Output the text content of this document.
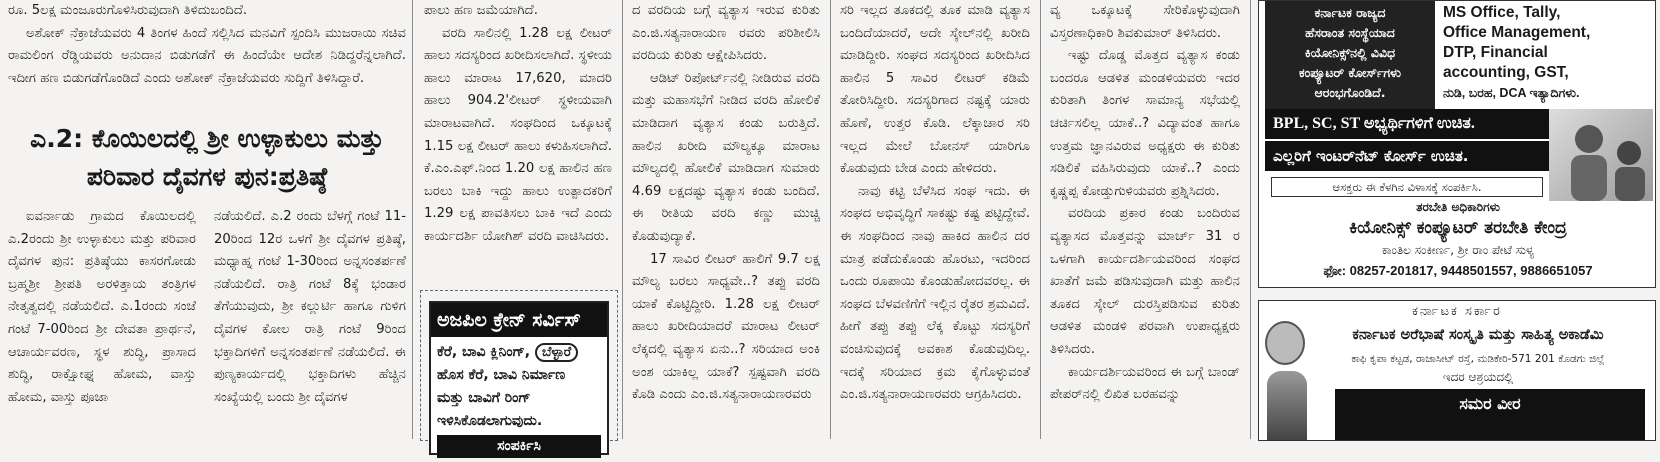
ರೂ. 5ಲಕ್ಷ ಮಂಜೂರುಗೊಳಿಸಿರುವುದಾಗಿ ತಿಳಿದುಬಂದಿದೆ.

ಅಶೋಕ್ ನೆಕ್ರಾಜೆಯವರು 4 ತಿಂಗಳ ಹಿಂದೆ ಸಲ್ಲಿಸಿದ ಮನವಿಗೆ ಸ್ಪಂದಿಸಿ ಮುಜರಾಯಿ ಸಚಿವ ರಾಮಲಿಂಗ ರೆಡ್ಡಿಯವರು ಅನುದಾನ ಬಿಡುಗಡೆಗೆ ಈ ಹಿಂದೆಯೇ ಆದೇಶ ನಿಡಿದ್ದರೆನ್ನಲಾಗಿದೆ. ಇದೀಗ ಹಣ ಬಿಡುಗಡೆಗೊಂಡಿದೆ ಎಂದು ಅಶೋಕ್ ನೆಕ್ರಾಜೆಯವರು ಸುದ್ದಿಗೆ ತಿಳಿಸಿದ್ದಾರೆ.

ಎ.2: ಕೊಯಿಲದಲ್ಲಿ ಶ್ರೀ ಉಳ್ಳಾಕುಲು ಮತ್ತು ಪರಿವಾರ ದೈವಗಳ ಪುನ:ಪ್ರತಿಷ್ಠೆ

ಐವರ್ನಾಡು ಗ್ರಾಮದ ಕೊಯಿಲದಲ್ಲಿ ಎ.2ರಂದು ಶ್ರೀ ಉಳ್ಳಾಕುಲು ಮತ್ತು ಪರಿವಾರ ದೈವಗಳ ಪುನ: ಪ್ರತಿಷ್ಠೆಯು ಕಾಸರಗೋಡು ಬ್ರಹ್ಮಶ್ರೀ ಶ್ರೀಪತಿ ಅರಳಿತ್ತಾಯ ತಂತ್ರಿಗಳ ನೇತೃತ್ವದಲ್ಲಿ ನಡೆಯಲಿದೆ. ಎ.1ರಂದು ಸಂಜೆ ಗಂಟೆ 7-00ರಿಂದ ಶ್ರೀ ದೇವತಾ ಪ್ರಾರ್ಥನೆ, ಆಚಾರ್ಯವರಣ, ಸ್ಥಳ ಶುದ್ಧಿ, ಪ್ರಾಸಾದ ಶುದ್ಧಿ, ರಾಕ್ಷೋಘ್ನ ಹೋಮ, ವಾಸ್ತು ಹೋಮ, ವಾಸ್ತು ಪೂಜಾ

ನಡೆಯಲಿದೆ. ಎ.2 ರಂದು ಬೆಳಗ್ಗೆ ಗಂಟೆ 11-20ರಿಂದ 12ರ ಒಳಗೆ ಶ್ರೀ ದೈವಗಳ ಪ್ರತಿಷ್ಠೆ, ಮಧ್ಯಾಹ್ನ ಗಂಟೆ 1-30ರಿಂದ ಅನ್ನಸಂತರ್ಪಣೆ ನಡೆಯಲಿದೆ. ರಾತ್ರಿ ಗಂಟೆ 8ಕ್ಕೆ ಭಂಡಾರ ತೆಗೆಯುವುದು, ಶ್ರೀ ಕಲ್ಲುರ್ಟಿ ಹಾಗೂ ಗುಳಿಗ ದೈವಗಳ ಕೋಲ ರಾತ್ರಿ ಗಂಟೆ 9ರಿಂದ ಭಕ್ತಾದಿಗಳಿಗೆ ಅನ್ನಸಂತರ್ಪಣೆ ನಡೆಯಲಿದೆ. ಈ ಪುಣ್ಯಕಾರ್ಯದಲ್ಲಿ ಭಕ್ತಾದಿಗಳು ಹೆಚ್ಚಿನ ಸಂಖ್ಯೆಯಲ್ಲಿ ಬಂದು ಶ್ರೀ ದೈವಗಳ

ಪಾಲು ಹಣ ಜಮೆಯಾಗಿದೆ.

ವರದಿ ಸಾಲಿನಲ್ಲಿ 1.28 ಲಕ್ಷ ಲೀಟರ್ ಹಾಲು ಸದಸ್ಯರಿಂದ ಖರೀದಿಸಲಾಗಿದೆ. ಸ್ಥಳೀಯ ಹಾಲು ಮಾರಾಟ 17,620, ಮಾದರಿ ಹಾಲು 904.2'ಲೀಟರ್ ಸ್ಥಳೀಯವಾಗಿ ಮಾರಾಟವಾಗಿದೆ. ಸಂಘದಿಂದ ಒಕ್ಕೂಟಕ್ಕೆ 1.15 ಲಕ್ಷ ಲೀಟರ್ ಹಾಲು ಕಳುಹಿಸಲಾಗಿದೆ. ಕೆ.ಎಂ.ಎಫ್.ನಿಂದ 1.20 ಲಕ್ಷ ಹಾಲಿನ ಹಣ ಬರಲು ಬಾಕಿ ಇದ್ದು ಹಾಲು ಉತ್ಪಾದಕರಿಗೆ 1.29 ಲಕ್ಷ ಪಾವತಿಸಲು ಬಾಕಿ ಇದೆ ಎಂದು ಕಾರ್ಯದರ್ಶಿ ಯೋಗಿಶ್ ವರದಿ ವಾಚಿಸಿದರು.

ಅಜಪಿಲ ಕ್ರೇನ್ ಸರ್ವಿಸ್
ಕೆರೆ, ಬಾವಿ ಕ್ಲಿನಿಂಗ್, ಬೆಳ್ಳಾರೆ
ಹೊಸ ಕೆರೆ, ಬಾವಿ ನಿರ್ಮಾಣ
ಮತ್ತು ಬಾವಿಗೆ ರಿಂಗ್
ಇಳಿಸಿಕೊಡಲಾಗುವುದು.
ಸಂಪರ್ಕಿಸಿ

ದ ವರದಿಯ ಬಗ್ಗೆ ವ್ಯತ್ಯಾಸ ಇರುವ ಕುರಿತು ಎಂ.ಜಿ.ಸತ್ಯನಾರಾಯಣ ರವರು ಪರಿಶೀಲಿಸಿ ವರದಿಯ ಕುರಿತು ಆಕ್ಷೇಪಿಸಿದರು.

ಆಡಿಟ್ ರಿಪೋರ್ಟ್‌ನಲ್ಲಿ ನೀಡಿರುವ ವರದಿ ಮತ್ತು ಮಹಾಸಭೆಗೆ ನೀಡಿದ ವರದಿ ಹೋಲಿಕೆ ಮಾಡಿದಾಗ ವ್ಯತ್ಯಾಸ ಕಂಡು ಬರುತ್ತಿದೆ. ಹಾಲಿನ ಖರೀದಿ ಮೌಲ್ಯಕ್ಕೂ ಮಾರಾಟ ಮೌಲ್ಯದಲ್ಲಿ ಹೋಲಿಕೆ ಮಾಡಿದಾಗ ಸುಮಾರು 4.69 ಲಕ್ಷದಷ್ಟು ವ್ಯತ್ಯಾಸ ಕಂಡು ಬಂದಿದೆ. ಈ ರೀತಿಯ ವರದಿ ಕಣ್ಣು ಮುಚ್ಚಿ ಕೊಡುವುದ್ಯಾಕೆ.

17 ಸಾವಿರ ಲೀಟರ್ ಹಾಲಿಗೆ 9.7 ಲಕ್ಷ ಮೌಲ್ಯ ಬರಲು ಸಾಧ್ಯವೇ..? ತಪ್ಪು ವರದಿ ಯಾಕೆ ಕೊಟ್ಟಿದ್ದೀರಿ. 1.28 ಲಕ್ಷ ಲೀಟರ್ ಹಾಲು ಖರೀದಿಯಾದರೆ ಮಾರಾಟ ಲೀಟರ್ ಲೆಕ್ಕದಲ್ಲಿ ವ್ಯತ್ಯಾಸ ಏನು..? ಸರಿಯಾದ ಅಂಕಿ ಅಂಶ ಯಾಕಿಲ್ಲ ಯಾಕೆ? ಸ್ಪಷ್ಟವಾಗಿ ವರದಿ ಕೊಡಿ ಎಂದು ಎಂ.ಜಿ.ಸತ್ಯನಾರಾಯಣರವರು

ಸರಿ ಇಲ್ಲದ ತೂಕದಲ್ಲಿ ತೂಕ ಮಾಡಿ ವ್ಯತ್ಯಾಸ ಬಂದಿದೆಯಾದರೆ, ಅದೇ ಸ್ಕೇಲ್‌ನಲ್ಲಿ ಖರೀದಿ ಮಾಡಿದ್ದೀರಿ. ಸಂಘದ ಸದಸ್ಯರಿಂದ ಖರೀದಿಸಿದ ಹಾಲಿನ 5 ಸಾವಿರ ಲೀಟರ್ ಕಡಿಮೆ ತೋರಿಸಿದ್ದೀರಿ. ಸದಸ್ಯರಿಗಾದ ನಷ್ಟಕ್ಕೆ ಯಾರು ಹೊಣೆ, ಉತ್ತರ ಕೊಡಿ. ಲೆಕ್ಕಾಚಾರ ಸರಿ ಇಲ್ಲದ ಮೇಲೆ ಬೋನಸ್ ಯಾರಿಗೂ ಕೊಡುವುದು ಬೇಡ ಎಂದು ಹೇಳಿದರು.

ನಾವು ಕಟ್ಟಿ ಬೆಳೆಸಿದ ಸಂಘ ಇದು. ಈ ಸಂಘದ ಅಭಿವೃದ್ಧಿಗೆ ಸಾಕಷ್ಟು ಕಷ್ಟ ಪಟ್ಟಿದ್ದೇವೆ. ಈ ಸಂಘದಿಂದ ನಾವು ಹಾಕಿದ ಹಾಲಿನ ದರ ಮಾತ್ರ ಪಡೆದುಕೊಂಡು ಹೊರಟು, ಇದರಿಂದ ಒಂದು ರೂಪಾಯಿ ಕೊಂಡುಹೋದವರಲ್ಲ. ಈ ಸಂಘದ ಬೆಳವಣಿಗೆಗೆ ಇಲ್ಲಿನ ರೈತರ ಶ್ರಮವಿದೆ. ಹೀಗೆ ತಪ್ಪು ತಪ್ಪು ಲೆಕ್ಕ ಕೊಟ್ಟು ಸದಸ್ಯರಿಗೆ ವಂಚಿಸುವುದಕ್ಕೆ ಅವಕಾಶ ಕೊಡುವುದಿಲ್ಲ. ಇದಕ್ಕೆ ಸರಿಯಾದ ಕ್ರಮ ಕೈಗೊಳ್ಳುವಂತೆ ಎಂ.ಜಿ.ಸತ್ಯನಾರಾಯಣರವರು ಆಗ್ರಹಿಸಿದರು.

ವ್ಯ ಒಕ್ಕೂಟಕ್ಕೆ ಸೇರಿಕೊಳ್ಳುವುದಾಗಿ ವಿಸ್ತರಣಾಧಿಕಾರಿ ಶಿವಕುಮಾರ್ ತಿಳಿಸಿದರು.

ಇಷ್ಟು ದೊಡ್ಡ ಮೊತ್ತದ ವ್ಯತ್ಯಾಸ ಕಂಡು ಬಂದರೂ ಆಡಳಿತ ಮಂಡಳಿಯವರು ಇದರ ಕುರಿತಾಗಿ ತಿಂಗಳ ಸಾಮಾನ್ಯ ಸಭೆಯಲ್ಲಿ ಚರ್ಚಿಸಲಿಲ್ಲ ಯಾಕೆ..? ವಿದ್ಯಾವಂತ ಹಾಗೂ ಉತ್ತಮ ಜ್ಞಾನವಿರುವ ಅಧ್ಯಕ್ಷರು ಈ ಕುರಿತು ಸಡಿಲಿಕೆ ವಹಿಸಿರುವುದು ಯಾಕೆ..? ಎಂದು ಕೃಷ್ಣಪ್ಪ ಕೋಡ್ತುಗುಳಿಯವರು ಪ್ರಶ್ನಿಸಿದರು.

ವರದಿಯ ಪ್ರಕಾರ ಕಂಡು ಬಂದಿರುವ ವ್ಯತ್ಯಾಸದ ಮೊತ್ತವನ್ನು ಮಾರ್ಚ್ 31 ರ ಒಳಗಾಗಿ ಕಾರ್ಯದರ್ಶಿಯವರಿಂದ ಸಂಘದ ಖಾತೆಗೆ ಜಮೆ ಪಡಿಸುವುದಾಗಿ ಮತ್ತು ಹಾಲಿನ ತೂಕದ ಸ್ಕೇಲ್ ದುರಸ್ತಿಪಡಿಸುವ ಕುರಿತು ಆಡಳಿತ ಮಂಡಳಿ ಪರವಾಗಿ ಉಪಾಧ್ಯಕ್ಷರು ತಿಳಿಸಿದರು.

ಕಾರ್ಯದರ್ಶಿಯವರಿಂದ ಈ ಬಗ್ಗೆ ಬಾಂಡ್ ಪೇಪರ್‌ನಲ್ಲಿ ಲಿಖಿತ ಬರಹವನ್ನು

ಕರ್ನಾಟಕ ರಾಜ್ಯದ
ಹೆಸರಾಂತ ಸಂಸ್ಥೆಯಾದ
ಕಿಯೋನಿಕ್ಸ್‌ನಲ್ಲಿ ವಿವಿಧ
ಕಂಪ್ಯೂಟರ್ ಕೋರ್ಸ್‌ಗಳು
ಆರಂಭಗೊಂಡಿದೆ.
MS Office, Tally,
Office Management,
DTP, Financial
accounting, GST,
ನುಡಿ, ಬರಹ, DCA ಇತ್ಯಾದಿಗಳು.
BPL, SC, ST ಅಭ್ಯರ್ಥಿಗಳಿಗೆ ಉಚಿತ.
ಎಲ್ಲರಿಗೆ ಇಂಟರ್‌ನೆಟ್ ಕೋರ್ಸ್ ಉಚಿತ.
ಆಸಕ್ತರು ಈ ಕೆಳಗಿನ ವಿಳಾಸಕ್ಕೆ ಸಂಪರ್ಕಿಸಿ.
ತರಬೇತಿ ಅಧಿಕಾರಿಗಳು
ಕಿಯೋನಿಕ್ಸ್ ಕಂಪ್ಯೂಟರ್ ತರಬೇತಿ ಕೇಂದ್ರ
ಕಾಂತಿಲ ಸಂಕೀರ್ಣ, ಶ್ರೀ ರಾಂ ಪೇಟೆ ಸುಳ್ಯ
ಫೋ: 08257-201817, 9448501557, 9886651057
ಕರ್ನಾಟಕ ಸರ್ಕಾರ
ಕರ್ನಾಟಕ ಅರೆಭಾಷೆ ಸಂಸ್ಕೃತಿ ಮತ್ತು ಸಾಹಿತ್ಯ ಅಕಾಡೆಮಿ
ಕಾಫಿ ಕೃಪಾ ಕಟ್ಟಡ, ರಾಜಾಸೀಟ್ ರಸ್ತೆ, ಮಡಿಕೇರಿ-571 201 ಕೊಡಗು ಜಿಲ್ಲೆ
ಇದರ ಆಶ್ರಯದಲ್ಲಿ
ಸಮರ ವೀರ
